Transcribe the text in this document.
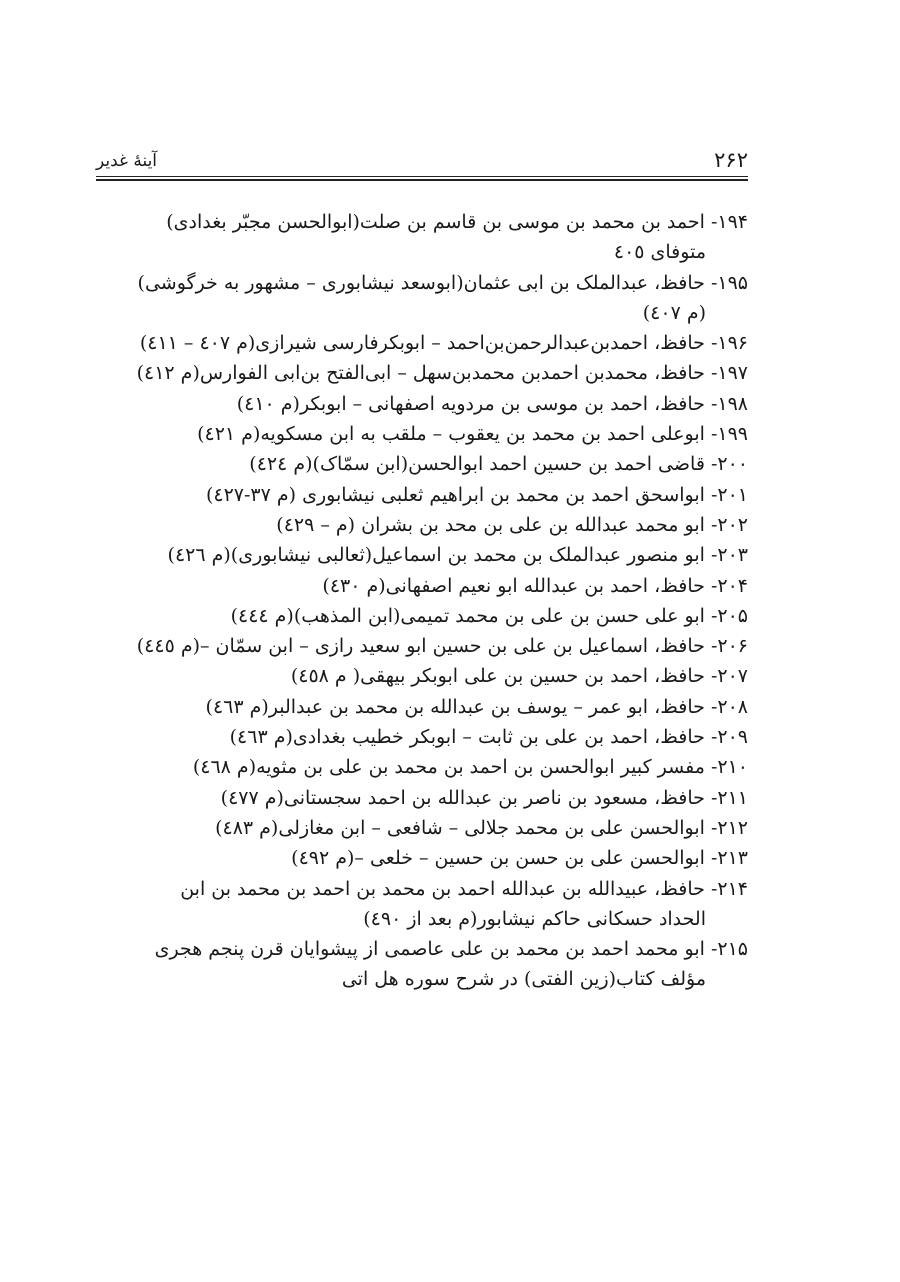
۲۶۲
آینهٔ غدیر
۱۹۴- احمد بن محمد بن موسی بن قاسم بن صلت(ابوالحسن مجبّر بغدادی)
متوفای ٤٠٥
۱۹۵- حافظ، عبدالملک بن ابی عثمان(ابوسعد نیشابوری – مشهور به خرگوشی)
(م ٤٠٧)
۱۹۶- حافظ، احمدبن‌عبدالرحمن‌بن‌احمد – ابوبکرفارسی شیرازی(م ٤٠٧ – ٤١١)
۱۹۷- حافظ، محمدبن احمدبن محمدبن‌سهل – ابی‌الفتح بن‌ابی الفوارس(م ٤١٢)
۱۹۸- حافظ، احمد بن موسی بن مردویه اصفهانی – ابوبکر(م ٤١٠)
۱۹۹- ابوعلی احمد بن محمد بن یعقوب – ملقب به ابن مسکویه(م ٤٢١)
۲۰۰- قاضی احمد بن حسین احمد ابوالحسن(ابن سمّاک)(م ٤٢٤)
۲۰۱- ابواسحق احمد بن محمد بن ابراهیم ثعلبی نیشابوری (م ٣٧-٤٢٧)
۲۰۲- ابو محمد عبدالله بن علی بن محد بن بشران (م – ٤٢٩)
۲۰۳- ابو منصور عبدالملک بن محمد بن اسماعیل(ثعالبی نیشابوری)(م ٤٢٦)
۲۰۴- حافظ، احمد بن عبدالله ابو نعیم اصفهانی(م ٤٣٠)
۲۰۵- ابو علی حسن بن علی بن محمد تمیمی(ابن المذهب)(م ٤٤٤)
۲۰۶- حافظ، اسماعیل بن علی بن حسین ابو سعید رازی – ابن سمّان –(م ٤٤٥)
۲۰۷- حافظ، احمد بن حسین بن علی ابوبکر بیهقی( م ٤٥٨)
۲۰۸- حافظ، ابو عمر – یوسف بن عبدالله بن محمد بن عبدالبر(م ٤٦٣)
۲۰۹- حافظ، احمد بن علی بن ثابت – ابوبکر خطیب بغدادی(م ٤٦٣)
۲۱۰- مفسر کبیر ابوالحسن بن احمد بن محمد بن علی بن مثویه(م ٤٦٨)
۲۱۱- حافظ، مسعود بن ناصر بن عبدالله بن احمد سجستانی(م ٤٧٧)
۲۱۲- ابوالحسن علی بن محمد جلالی – شافعی – ابن مغازلی(م ٤٨٣)
۲۱۳- ابوالحسن علی بن حسن بن حسین – خلعی –(م ٤٩٢)
۲۱۴- حافظ، عبیدالله بن عبدالله احمد بن محمد بن احمد بن محمد بن ابن
الحداد حسکانی حاکم نیشابور(م بعد از ٤٩٠)
۲۱۵- ابو محمد احمد بن محمد بن علی عاصمی از پیشوایان قرن پنجم هجری
مؤلف کتاب(زین الفتی) در شرح سوره هل اتی
